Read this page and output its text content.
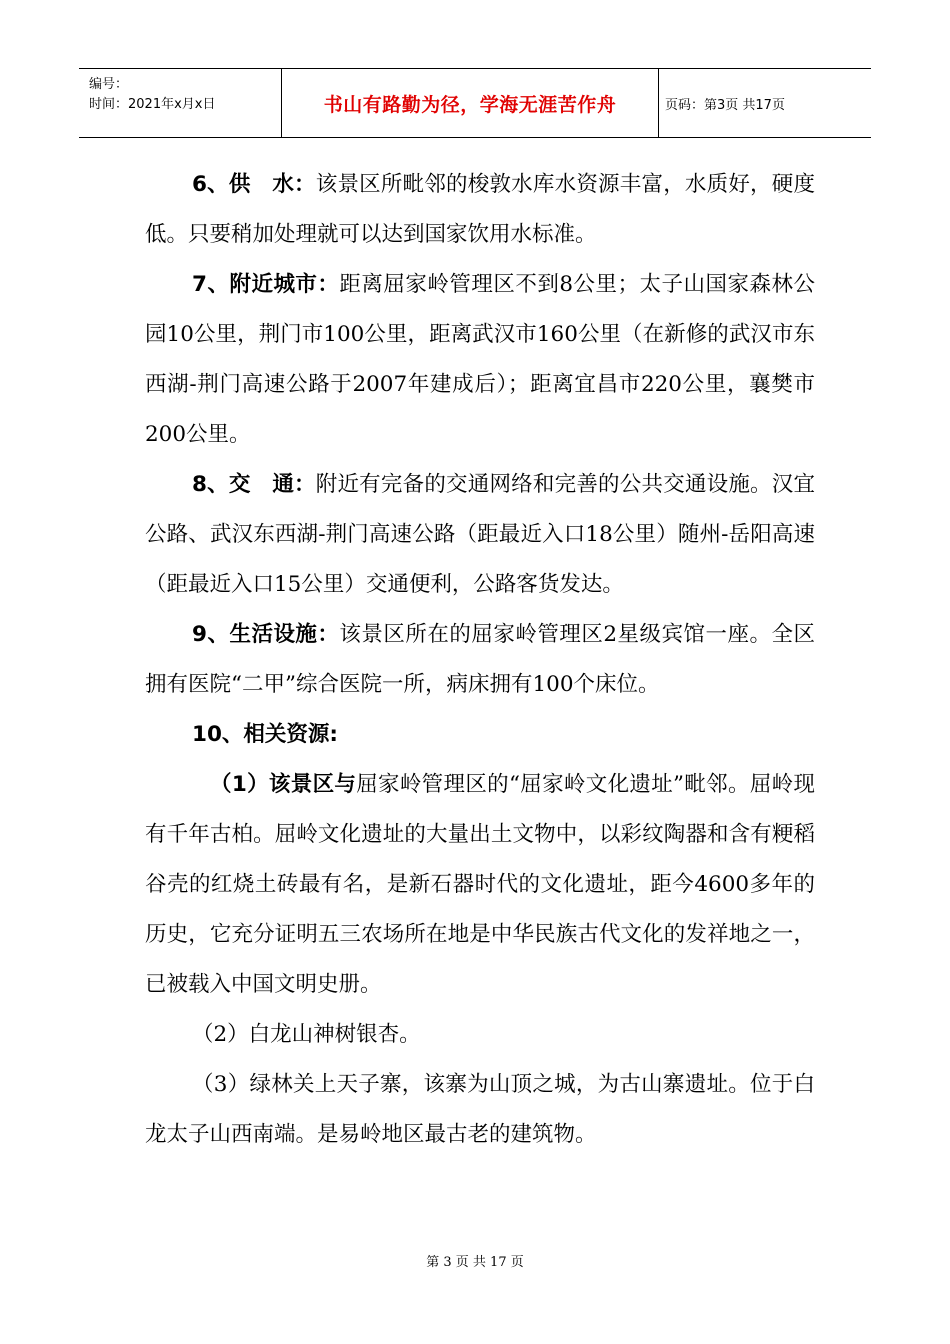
编号：
时间：2021年x月x日	书山有路勤为径，学海无涯苦作舟	页码：第3页 共17页

6、供　水：该景区所毗邻的梭敦水库水资源丰富，水质好，硬度低。只要稍加处理就可以达到国家饮用水标准。

7、附近城市：距离屈家岭管理区不到8公里；太子山国家森林公园10公里，荆门市100公里，距离武汉市160公里（在新修的武汉市东西湖-荆门高速公路于2007年建成后）；距离宜昌市220公里，襄樊市200公里。

8、交　通：附近有完备的交通网络和完善的公共交通设施。汉宜公路、武汉东西湖-荆门高速公路（距最近入口18公里）随州-岳阳高速（距最近入口15公里）交通便利，公路客货发达。

9、生活设施：该景区所在的屈家岭管理区2星级宾馆一座。全区拥有医院“二甲”综合医院一所，病床拥有100个床位。

10、相关资源:

（1）该景区与屈家岭管理区的“屈家岭文化遗址”毗邻。屈岭现有千年古柏。屈岭文化遗址的大量出土文物中，以彩纹陶器和含有粳稻谷壳的红烧土砖最有名，是新石器时代的文化遗址，距今4600多年的历史，它充分证明五三农场所在地是中华民族古代文化的发祥地之一，已被载入中国文明史册。

（2）白龙山神树银杏。

（3）绿林关上天子寨，该寨为山顶之城，为古山寨遗址。位于白龙太子山西南端。是易岭地区最古老的建筑物。

第 3 页 共 17 页
